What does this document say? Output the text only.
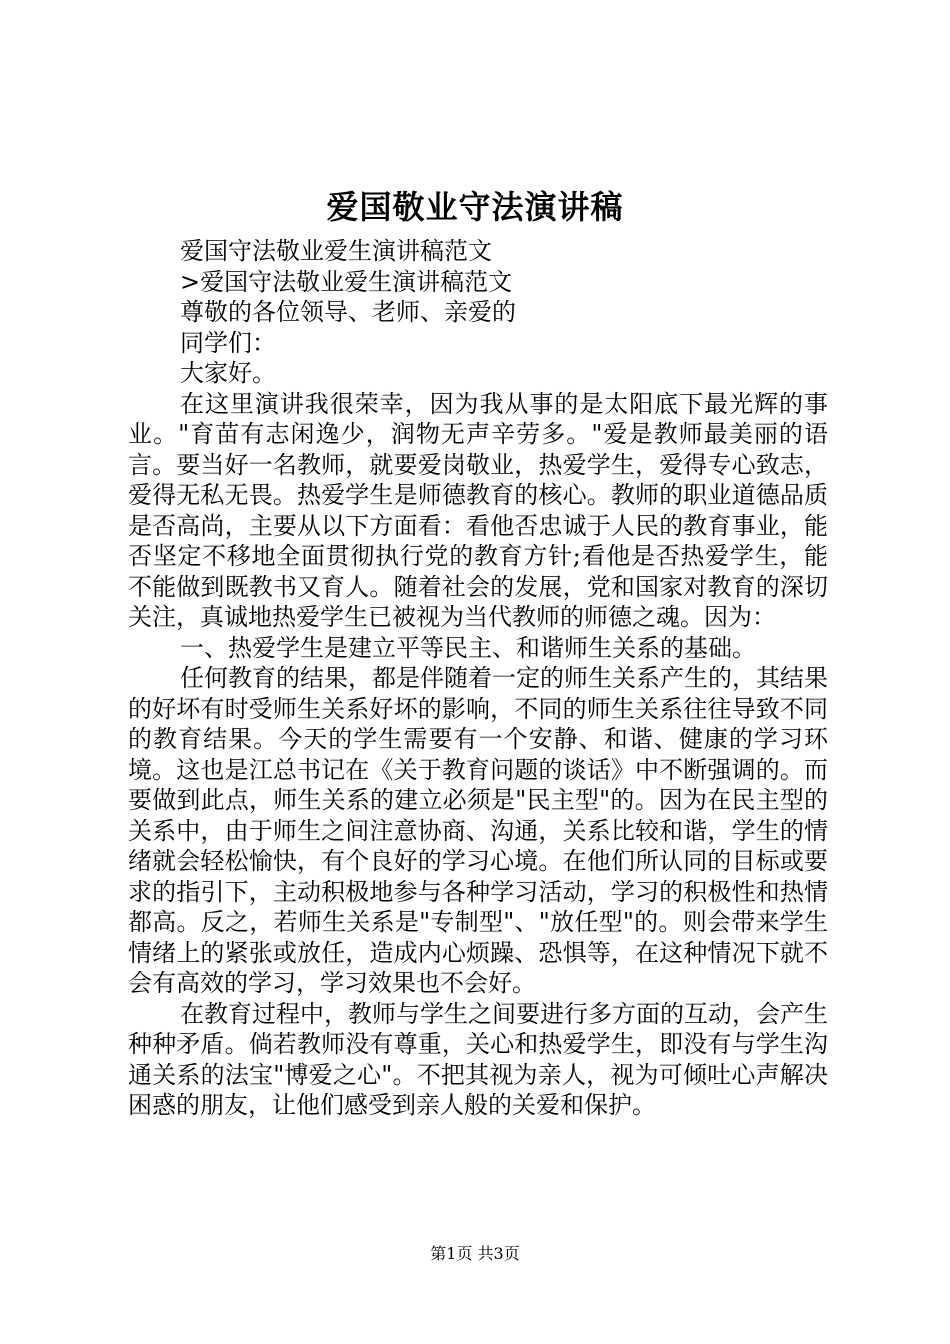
爱国敬业守法演讲稿

爱国守法敬业爱生演讲稿范文

>爱国守法敬业爱生演讲稿范文

尊敬的各位领导、老师、亲爱的

同学们：

大家好。

在这里演讲我很荣幸，因为我从事的是太阳底下最光辉的事业。"育苗有志闲逸少，润物无声辛劳多。"爱是教师最美丽的语言。要当好一名教师，就要爱岗敬业，热爱学生，爱得专心致志，爱得无私无畏。热爱学生是师德教育的核心。教师的职业道德品质是否高尚，主要从以下方面看：看他否忠诚于人民的教育事业，能否坚定不移地全面贯彻执行党的教育方针;看他是否热爱学生，能不能做到既教书又育人。随着社会的发展，党和国家对教育的深切关注，真诚地热爱学生已被视为当代教师的师德之魂。因为：

一、热爱学生是建立平等民主、和谐师生关系的基础。

任何教育的结果，都是伴随着一定的师生关系产生的，其结果的好坏有时受师生关系好坏的影响，不同的师生关系往往导致不同的教育结果。今天的学生需要有一个安静、和谐、健康的学习环境。这也是江总书记在《关于教育问题的谈话》中不断强调的。而要做到此点，师生关系的建立必须是"民主型"的。因为在民主型的关系中，由于师生之间注意协商、沟通，关系比较和谐，学生的情绪就会轻松愉快，有个良好的学习心境。在他们所认同的目标或要求的指引下，主动积极地参与各种学习活动，学习的积极性和热情都高。反之，若师生关系是"专制型"、"放任型"的。则会带来学生情绪上的紧张或放任，造成内心烦躁、恐惧等，在这种情况下就不会有高效的学习，学习效果也不会好。

在教育过程中，教师与学生之间要进行多方面的互动，会产生种种矛盾。倘若教师没有尊重，关心和热爱学生，即没有与学生沟通关系的法宝"博爱之心"。不把其视为亲人，视为可倾吐心声解决困惑的朋友，让他们感受到亲人般的关爱和保护。

第1页 共3页
